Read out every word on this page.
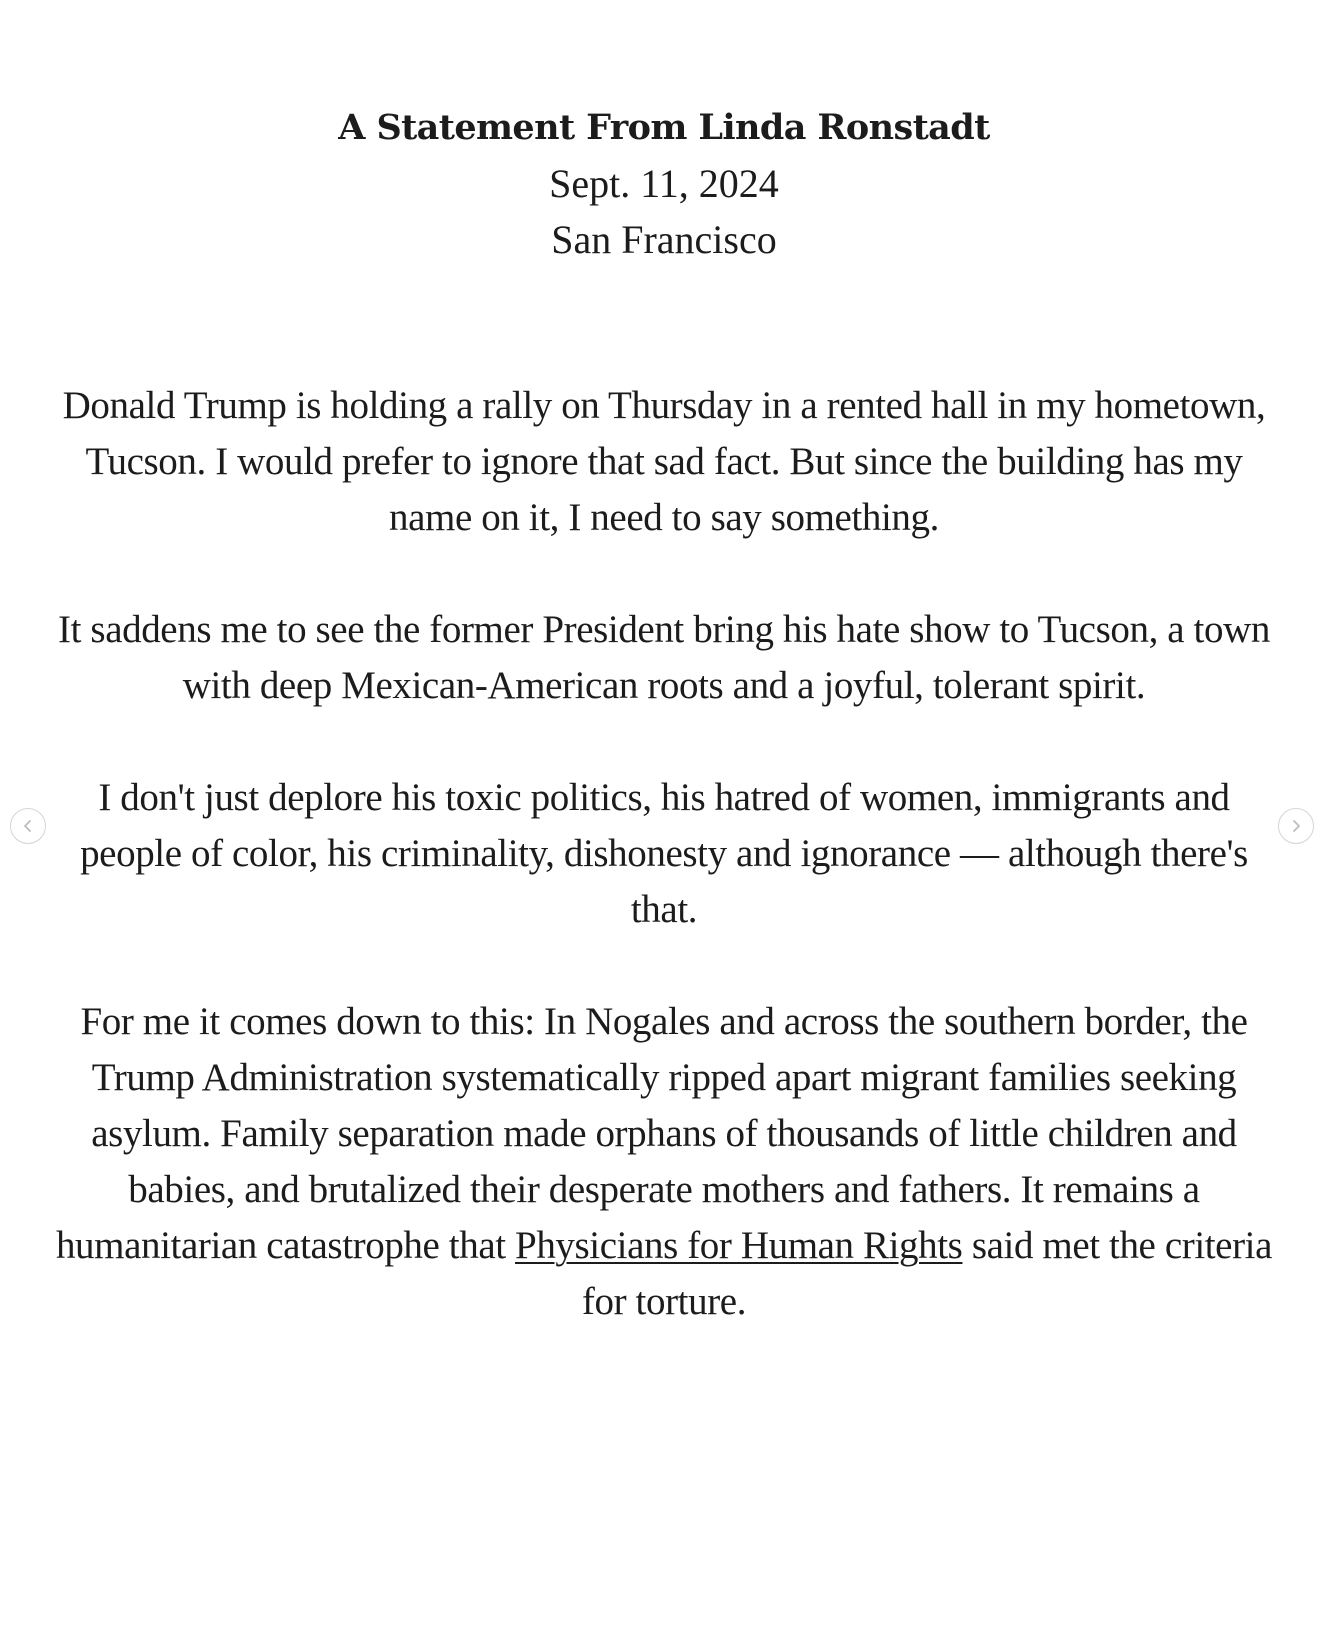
A Statement From Linda Ronstadt

Sept. 11, 2024

San Francisco

Donald Trump is holding a rally on Thursday in a rented hall in my hometown, Tucson. I would prefer to ignore that sad fact. But since the building has my name on it, I need to say something.

It saddens me to see the former President bring his hate show to Tucson, a town with deep Mexican-American roots and a joyful, tolerant spirit.

I don't just deplore his toxic politics, his hatred of women, immigrants and people of color, his criminality, dishonesty and ignorance — although there's that.

For me it comes down to this: In Nogales and across the southern border, the Trump Administration systematically ripped apart migrant families seeking asylum. Family separation made orphans of thousands of little children and babies, and brutalized their desperate mothers and fathers. It remains a humanitarian catastrophe that Physicians for Human Rights said met the criteria for torture.
